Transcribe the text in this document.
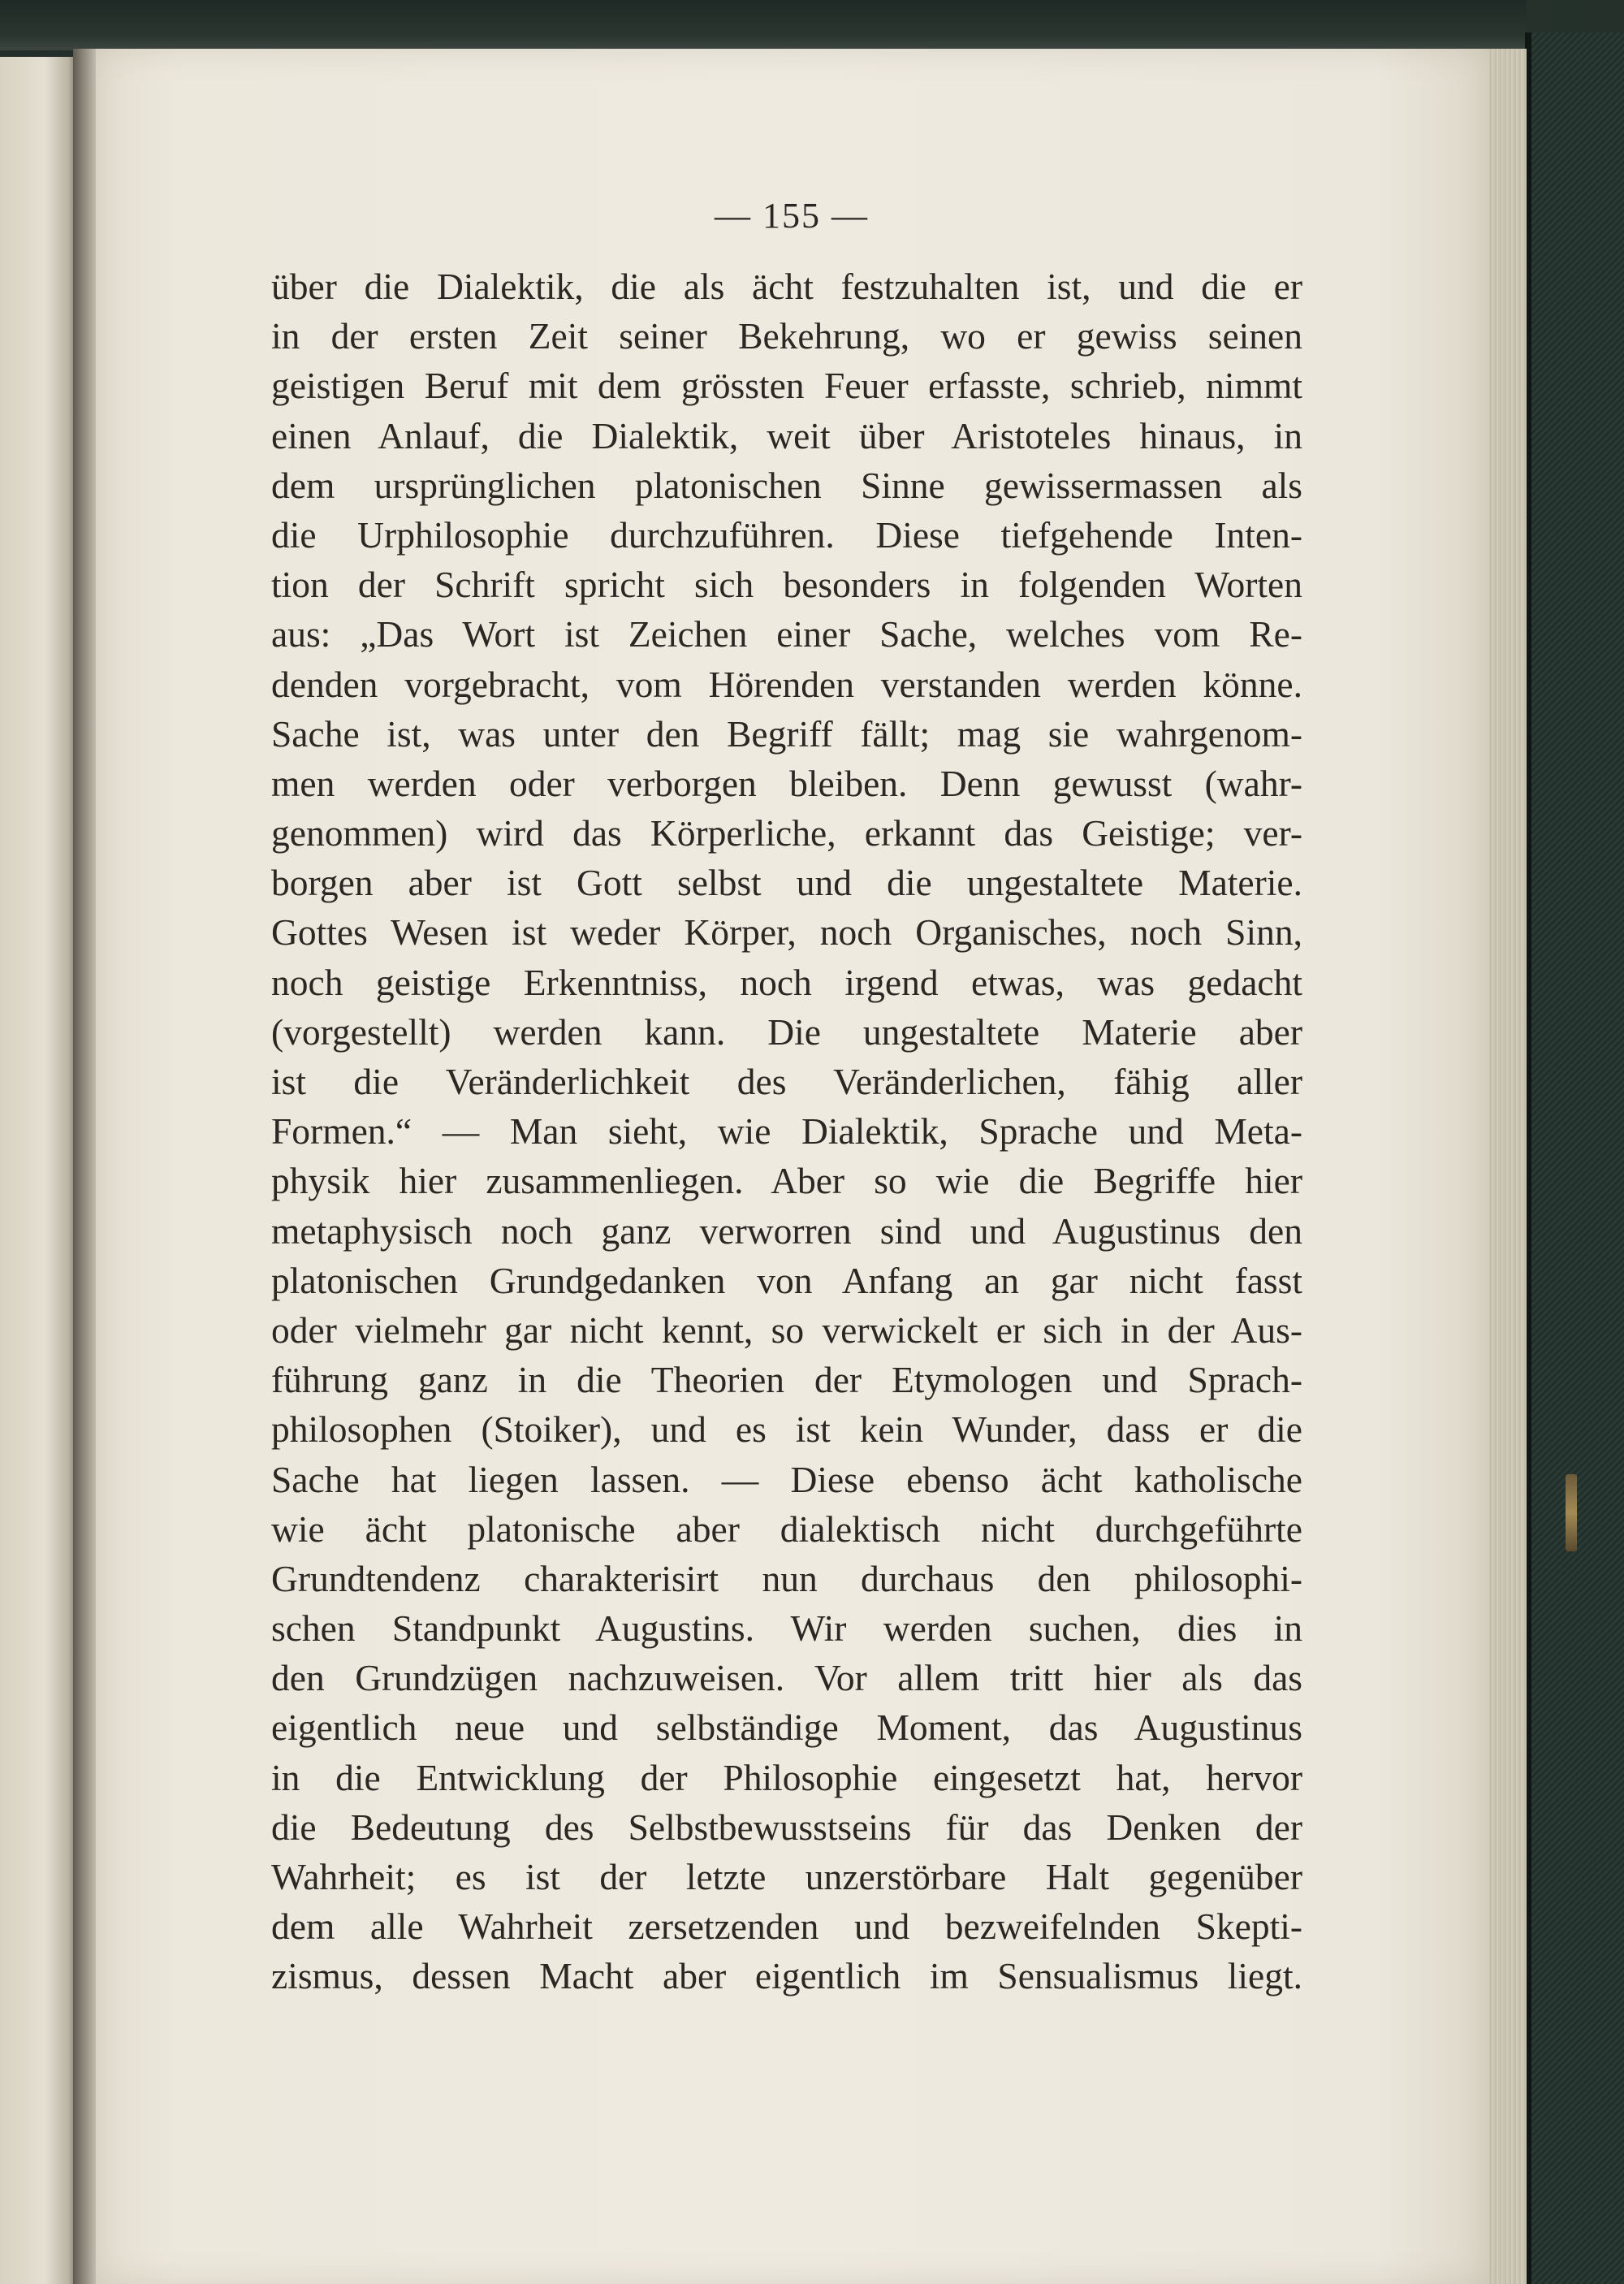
— 155 —
über die Dialektik, die als ächt festzuhalten ist, und die er
in der ersten Zeit seiner Bekehrung, wo er gewiss seinen
geistigen Beruf mit dem grössten Feuer erfasste, schrieb, nimmt
einen Anlauf, die Dialektik, weit über Aristoteles hinaus, in
dem ursprünglichen platonischen Sinne gewissermassen als
die Urphilosophie durchzuführen. Diese tiefgehende Inten-
tion der Schrift spricht sich besonders in folgenden Worten
aus: „Das Wort ist Zeichen einer Sache, welches vom Re-
denden vorgebracht, vom Hörenden verstanden werden könne.
Sache ist, was unter den Begriff fällt; mag sie wahrgenom-
men werden oder verborgen bleiben. Denn gewusst (wahr-
genommen) wird das Körperliche, erkannt das Geistige; ver-
borgen aber ist Gott selbst und die ungestaltete Materie.
Gottes Wesen ist weder Körper, noch Organisches, noch Sinn,
noch geistige Erkenntniss, noch irgend etwas, was gedacht
(vorgestellt) werden kann. Die ungestaltete Materie aber
ist die Veränderlichkeit des Veränderlichen, fähig aller
Formen.“ — Man sieht, wie Dialektik, Sprache und Meta-
physik hier zusammenliegen. Aber so wie die Begriffe hier
metaphysisch noch ganz verworren sind und Augustinus den
platonischen Grundgedanken von Anfang an gar nicht fasst
oder vielmehr gar nicht kennt, so verwickelt er sich in der Aus-
führung ganz in die Theorien der Etymologen und Sprach-
philosophen (Stoiker), und es ist kein Wunder, dass er die
Sache hat liegen lassen. — Diese ebenso ächt katholische
wie ächt platonische aber dialektisch nicht durchgeführte
Grundtendenz charakterisirt nun durchaus den philosophi-
schen Standpunkt Augustins. Wir werden suchen, dies in
den Grundzügen nachzuweisen. Vor allem tritt hier als das
eigentlich neue und selbständige Moment, das Augustinus
in die Entwicklung der Philosophie eingesetzt hat, hervor
die Bedeutung des Selbstbewusstseins für das Denken der
Wahrheit; es ist der letzte unzerstörbare Halt gegenüber
dem alle Wahrheit zersetzenden und bezweifelnden Skepti-
zismus, dessen Macht aber eigentlich im Sensualismus liegt.
